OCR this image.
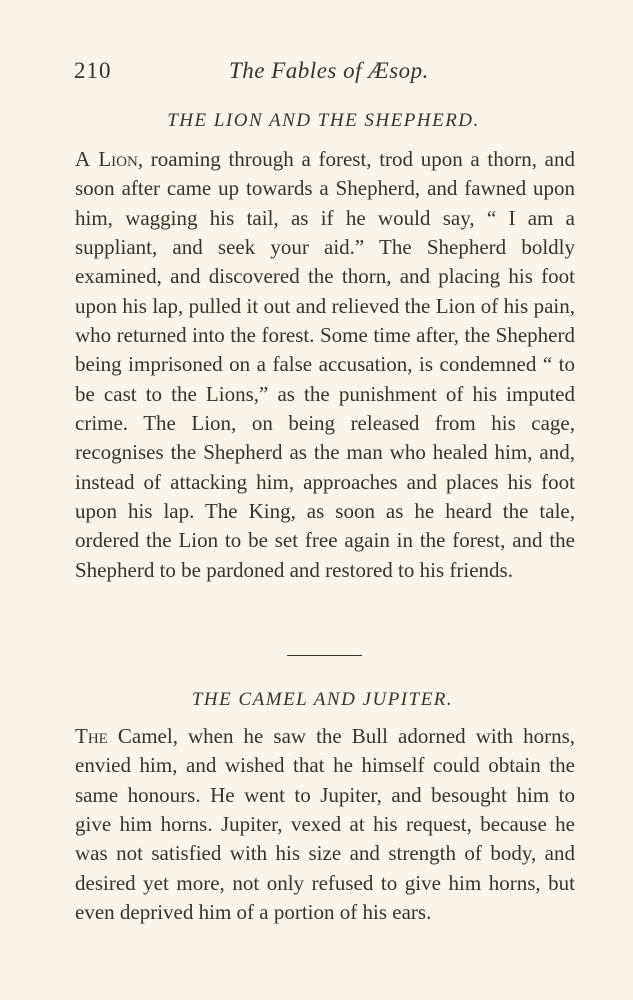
210	The Fables of Æsop.
THE LION AND THE SHEPHERD.
A Lion, roaming through a forest, trod upon a thorn, and soon after came up towards a Shepherd, and fawned upon him, wagging his tail, as if he would say, “ I am a suppliant, and seek your aid.” The Shepherd boldly examined, and discovered the thorn, and placing his foot upon his lap, pulled it out and relieved the Lion of his pain, who returned into the forest. Some time after, the Shepherd being imprisoned on a false accusation, is condemned “ to be cast to the Lions,” as the punishment of his imputed crime. The Lion, on being released from his cage, recognises the Shepherd as the man who healed him, and, instead of attacking him, approaches and places his foot upon his lap. The King, as soon as he heard the tale, ordered the Lion to be set free again in the forest, and the Shepherd to be pardoned and restored to his friends.
THE CAMEL AND JUPITER.
The Camel, when he saw the Bull adorned with horns, envied him, and wished that he himself could obtain the same honours. He went to Jupiter, and besought him to give him horns. Jupiter, vexed at his request, because he was not satisfied with his size and strength of body, and desired yet more, not only refused to give him horns, but even deprived him of a portion of his ears.
